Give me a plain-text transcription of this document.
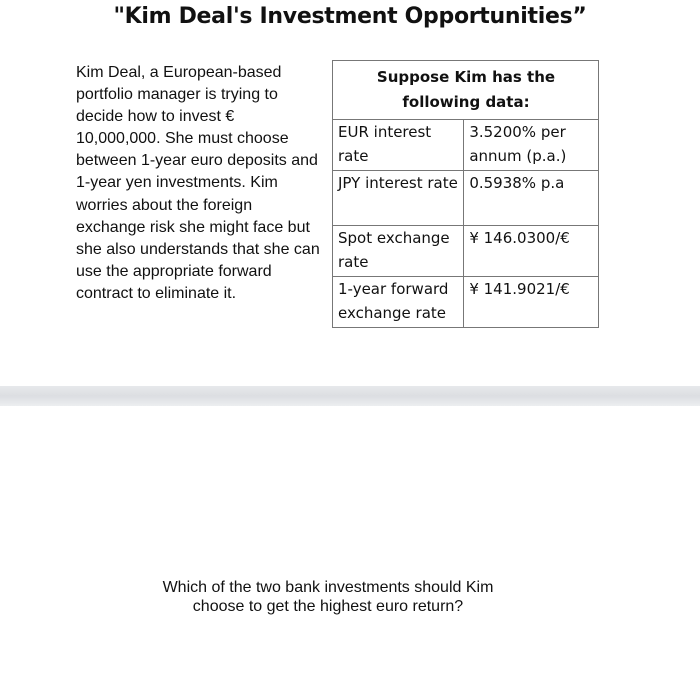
"Kim Deal's Investment Opportunities”
Kim Deal, a European-based portfolio manager is trying to decide how to invest € 10,000,000. She must choose between 1-year euro deposits and 1-year yen investments. Kim worries about the foreign exchange risk she might face but she also understands that she can use the appropriate forward contract to eliminate it.
Suppose Kim has the following data:	
EUR interest rate	3.5200% per annum (p.a.)
JPY interest rate	0.5938% p.a
Spot exchange rate	¥ 146.0300/€
1-year forward exchange rate	¥ 141.9021/€
Which of the two bank investments should Kim choose to get the highest euro return?
